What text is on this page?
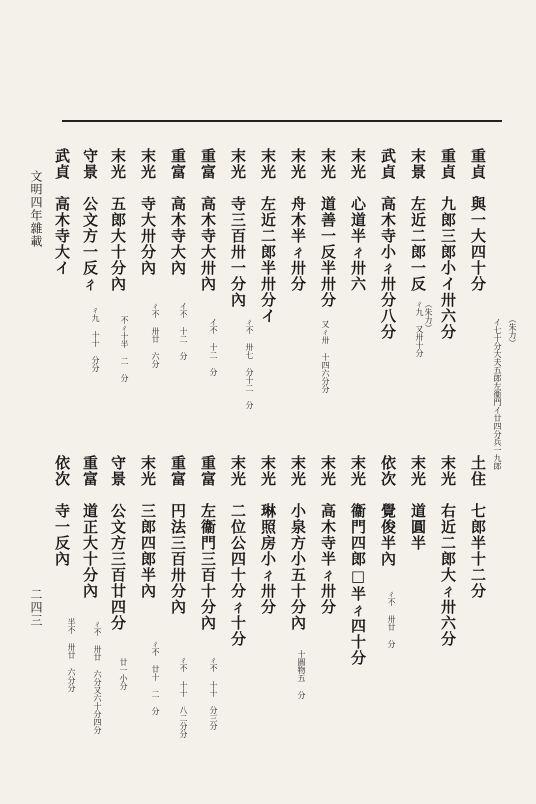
重貞　與一大四十分
重貞　九郎三郎小イ卅六分
末景　左近二郎一反
武貞　高木寺小ㄔ卅分八分
末光　心道半ㄔ卅六
末光　道善一反半卅分
末光　舟木半ㄔ卅分
末光　左近二郎半卅分イ
末光　寺三百卅一分內
重富　高木寺大卅內
重富　高木寺大內
末光　寺大卅分內
末光　五郎大十分內
守景　公文方一反ㄔ
武貞　高木寺大イ
（朱力）
イ七十分大夫五郎左衞門イ廿四分兵一九郎
（朱力）
ㄔ九 又卅十分
又ㄔ卅 十四六分分
ㄔ不 卅七 分十二 分
イ不 十二 分
イ不 十二 分
ㄔ不 卅廿 六分
不ㄔ十半 二 分
ㄔ九 十十 分分
土住　七郎半十二分
末光　右近二郎大ㄔ卅六分
末光　道圓半
依次　覺俊半內
末光　衞門四郎□半ㄔ四十分
末光　高木寺半ㄔ卅分
末光　小泉方小五十分內
末光　琳照房小ㄔ卅分
末光　二位公四十分ㄔ十分
重富　左衞門三百十分內
重富　円法三百卅分內
末光　三郎四郎半內
守景　公文方三百廿四分
重富　道正大十分內
依次　寺一反內
ㄔ不 卅廿 分
十圓物五 分
ㄔ不 十十 分三分
ㄔ不 十十 八二分分
ㄔ不 廿十 二 分
廿一小分
ㄔ不 卅廿 六分又六十分四分
半不 卅廿 六分分
文明四年雜載
二四三
